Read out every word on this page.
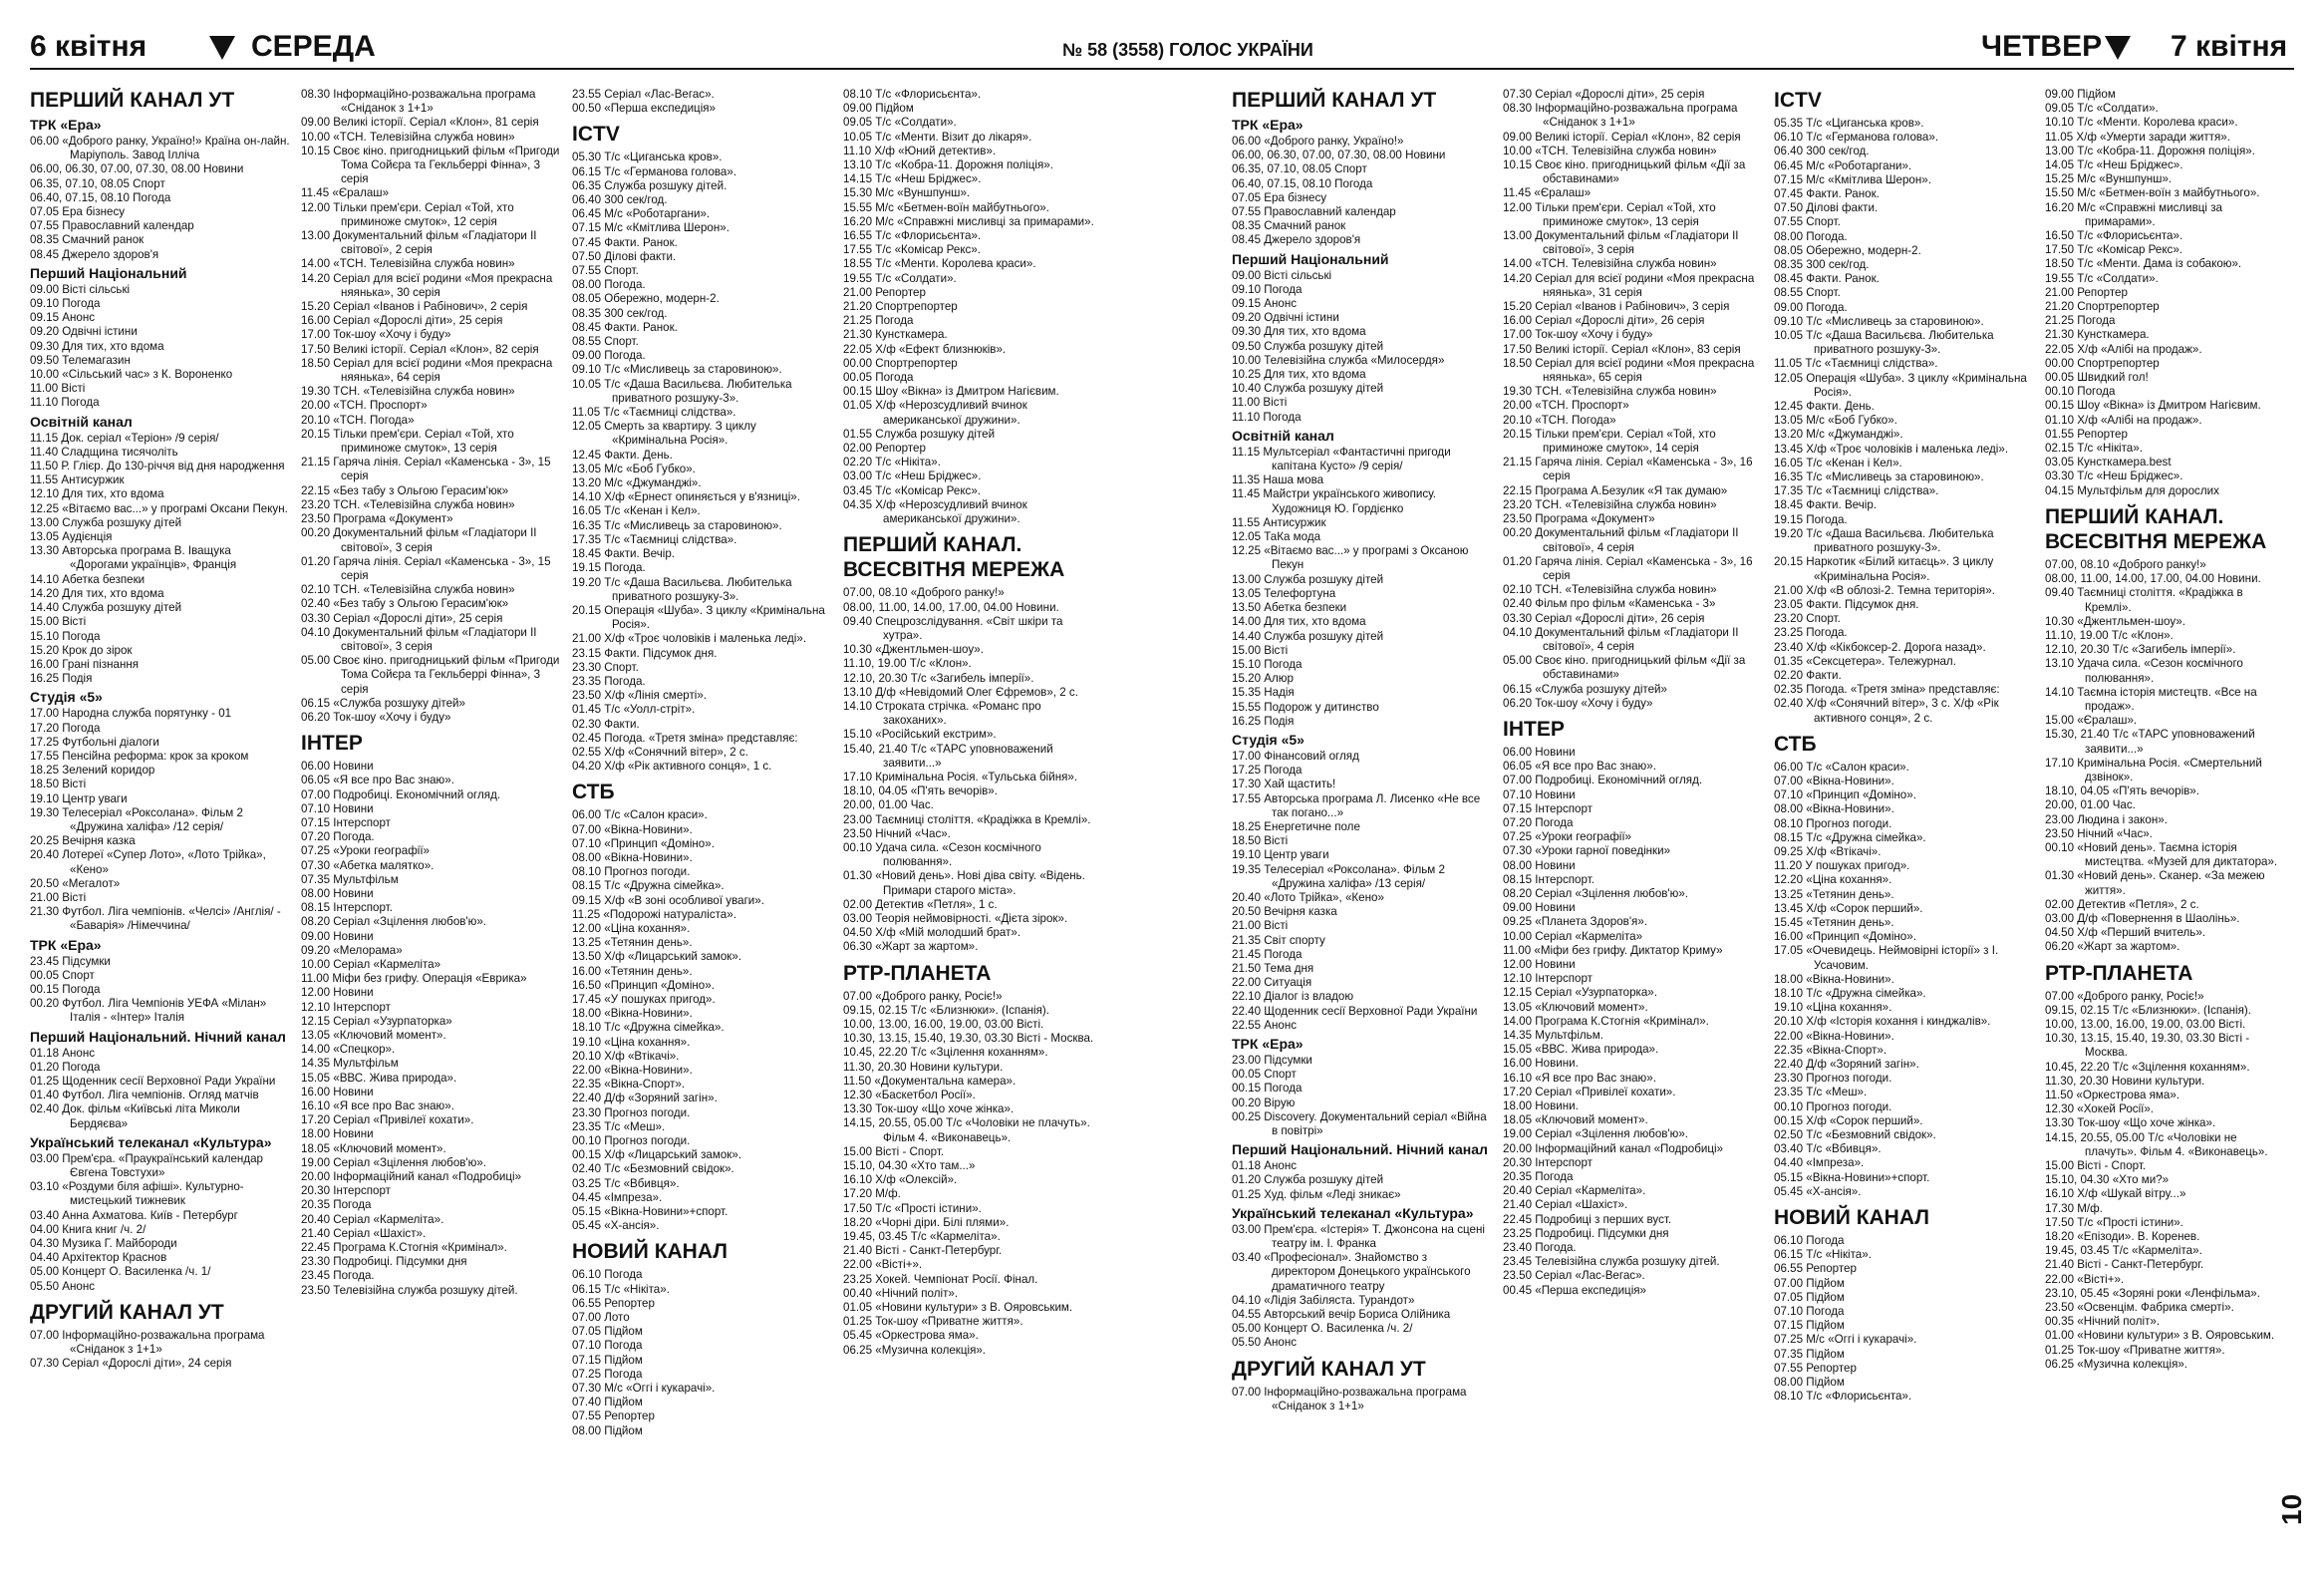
6 квітня	СЕРЕДА	№ 58 (3558) ГОЛОС УКРАЇНИ	ЧЕТВЕР 7 квітня
ПЕРШИЙ КАНАЛ УТ
ТРК «Ера»
06.00 «Доброго ранку, Україно!» Країна он-лайн. Маріуполь. Завод Ілліча
06.00, 06.30, 07.00, 07.30, 08.00 Новини
06.35, 07.10, 08.05 Спорт
06.40, 07.15, 08.10 Погода
07.05 Ера бізнесу
07.55 Православний календар
08.35 Смачний ранок
08.45 Джерело здоров'я
Перший Національний
09.00 Вісті сільські
09.10 Погода
09.15 Анонс
09.20 Одвічні істини
09.30 Для тих, хто вдома
09.50 Телемагазин
10.00 «Сільський час» з К. Вороненко
11.00 Вісті
11.10 Погода
Освітній канал
11.15 Док. серіал «Теріон» /9 серія/
11.40 Сладщина тисячоліть
11.50 Р. Глієр. До 130-річчя від дня народження
11.55 Антисуржик
12.10 Для тих, хто вдома
12.25 «Вітаємо вас...» у програмі Оксани Пекун.
13.00 Служба розшуку дітей
13.05 Аудієнція
13.30 Авторська програма В. Іващука «Дорогами українців», Франція
14.10 Абетка безпеки
14.20 Для тих, хто вдома
14.40 Служба розшуку дітей
15.00 Вісті
15.10 Погода
15.20 Крок до зірок
16.00 Грані пізнання
16.25 Подія
Студія «5»
17.00 Народна служба порятунку - 01
17.20 Погода
17.25 Футбольні діалоги
17.55 Пенсійна реформа: крок за кроком
18.25 Зелений коридор
18.50 Вісті
19.10 Центр уваги
19.30 Телесеріал «Роксолана». Фільм 2 «Дружина халіфа» /12 серія/
20.25 Вечірня казка
20.40 Лотереї «Супер Лото», «Лото Трійка», «Кено»
20.50 «Мегалот»
21.00 Вісті
21.30 Футбол. Ліга чемпіонів. «Челсі» /Англія/ - «Баварія» /Німеччина/
ТРК «Ера»
23.45 Підсумки
00.05 Спорт
00.15 Погода
00.20 Футбол. Ліга Чемпіонів УЕФА «Мілан» Італія - «Інтер» Італія
Перший Національний. Нічний канал
01.18 Анонс
01.20 Погода
01.25 Щоденник сесії Верховної Ради України
01.40 Футбол. Ліга чемпіонів. Огляд матчів
02.40 Док. фільм «Київські літа Миколи Бердяєва»
Український телеканал «Культура»
03.00 Прем'єра. «Праукраїнський календар Євгена Товстухи»
03.10 «Роздуми біля афіші». Культурно-мистецький тижневик
03.40 Анна Ахматова. Київ - Петербург
04.00 Книга книг /ч. 2/
04.30 Музика Г. Майбороди
04.40 Архітектор Краснов
05.00 Концерт О. Василенка /ч. 1/
05.50 Анонс
ДРУГИЙ КАНАЛ УТ
07.00 Інформаційно-розважальна програма «Сніданок з 1+1»
07.30 Серіал «Дорослі діти», 24 серія
08.30 Інформаційно-розважальна програма «Сніданок з 1+1»
09.00 Великі історії. Серіал «Клон», 81 серія
10.00 «ТСН. Телевізійна служба новин»
10.15 Своє кіно. пригодницький фільм «Пригоди Тома Сойєра та Гекльберрі Фінна», 3 серія
11.45 «Єралаш»
12.00 Тільки прем'єри. Серіал «Той, хто приминоже смуток», 12 серія
13.00 Документальний фільм «Гладіатори II світової», 2 серія
14.00 «ТСН. Телевізійна служба новин»
14.20 Серіал для всієї родини «Моя прекрасна няянька», 30 серія
15.20 Серіал «Іванов і Рабінович», 2 серія
16.00 Серіал «Дорослі діти», 25 серія
17.00 Ток-шоу «Хочу і буду»
17.50 Великі історії. Серіал «Клон», 82 серія
18.50 Серіал для всієї родини «Моя прекрасна няянька», 64 серія
19.30 ТСН. «Телевізійна служба новин»
20.00 «ТСН. Проспорт»
20.10 «ТСН. Погода»
20.15 Тільки прем'єри. Серіал «Той, хто приминоже смуток», 13 серія
21.15 Гаряча лінія. Серіал «Каменська - 3», 15 серія
22.15 «Без табу з Ольгою Герасим'юк»
23.20 ТСН. «Телевізійна служба новин»
23.50 Програма «Документ»
00.20 Документальний фільм «Гладіатори II світової», 3 серія
01.20 Гаряча лінія. Серіал «Каменська - 3», 15 серія
02.10 ТСН. «Телевізійна служба новин»
02.40 «Без табу з Ольгою Герасим'юк»
03.30 Серіал «Дорослі діти», 25 серія
04.10 Документальний фільм «Гладіатори II світової», 3 серія
05.00 Своє кіно. пригодницький фільм «Пригоди Тома Сойєра та Гекльберрі Фінна», 3 серія
06.15 «Служба розшуку дітей»
06.20 Ток-шоу «Хочу і буду»
ІНТЕР
06.00 Новини
06.05 «Я все про Вас знаю».
07.00 Подробиці. Економічний огляд.
07.10 Новини
07.15 Інтерспорт
07.20 Погода.
07.25 «Уроки географії»
07.30 «Абетка малятко».
07.35 Мультфільм
08.00 Новини
08.15 Інтерспорт.
08.20 Серіал «Зцілення любов'ю».
09.00 Новини
09.20 «Мелорама»
10.00 Серіал «Кармеліта»
11.00 Міфи без грифу. Операція «Еврика»
12.00 Новини
12.10 Інтерспорт
12.15 Серіал «Узурпаторка»
13.05 «Ключовий момент».
14.00 «Спецкор».
14.35 Мультфільм
15.05 «ВВС. Жива природа».
16.00 Новини
16.10 «Я все про Вас знаю».
17.20 Серіал «Привілеї кохати».
18.00 Новини
18.05 «Ключовий момент».
19.00 Серіал «Зцілення любов'ю».
20.00 Інформаційний канал «Подробиці»
20.30 Інтерспорт
20.35 Погода
20.40 Серіал «Кармеліта».
21.40 Серіал «Шахіст».
22.45 Програма К.Стогнія «Кримінал».
23.30 Подробиці. Підсумки дня
23.45 Погода.
23.50 Телевізійна служба розшуку дітей.
23.55 Серіал «Лас-Вегас».
00.50 «Перша експедиція»
ICTV
05.30 Т/с «Циганська кров».
06.15 Т/с «Германова голова».
06.35 Служба розшуку дітей.
06.40 300 сек/год.
06.45 М/с «Роботаргани».
07.15 М/с «Кмітлива Шерон».
07.45 Факти. Ранок.
07.50 Ділові факти.
07.55 Спорт.
08.00 Погода.
08.05 Обережно, модерн-2.
08.35 300 сек/год.
08.45 Факти. Ранок.
08.55 Спорт.
09.00 Погода.
09.10 Т/с «Мисливець за старовиною».
10.05 Т/с «Даша Васильєва. Любителька приватного розшуку-3».
11.05 Т/с «Таємниці слідства».
12.05 Смерть за квартиру. З циклу «Кримінальна Росія».
12.45 Факти. День.
13.05 М/с «Боб Губко».
13.20 М/с «Джуманджі».
14.10 Х/ф «Ернест опиняється у в'язниці».
16.05 Т/с «Кенан і Кел».
16.35 Т/с «Мисливець за старовиною».
17.35 Т/с «Таємниці слідства».
18.45 Факти. Вечір.
19.15 Погода.
19.20 Т/с «Даша Васильєва. Любителька приватного розшуку-3».
20.15 Операція «Шуба». З циклу «Кримінальна Росія».
21.00 Х/ф «Троє чоловіків і маленька леді».
23.15 Факти. Підсумок дня.
23.30 Спорт.
23.35 Погода.
23.50 Х/ф «Лінія смерті».
01.45 Т/с «Уолл-стріт».
02.30 Факти.
02.45 Погода. «Третя зміна» представляє:
02.55 Х/ф «Сонячний вітер», 2 с.
04.20 Х/ф «Рік активного сонця», 1 с.
СТБ
06.00 Т/с «Салон краси».
07.00 «Вікна-Новини».
07.10 «Принцип «Доміно».
08.00 «Вікна-Новини».
08.10 Прогноз погоди.
08.15 Т/с «Дружна сімейка».
09.15 Х/ф «В зоні особливої уваги».
11.25 «Подорожі натураліста».
12.00 «Ціна кохання».
13.25 «Тетянин день».
13.50 Х/ф «Лицарський замок».
16.00 «Тетянин день».
16.50 «Принцип «Доміно».
17.45 «У пошуках пригод».
18.00 «Вікна-Новини».
18.10 Т/с «Дружна сімейка».
19.10 «Ціна кохання».
20.10 Х/ф «Втікачі».
22.00 «Вікна-Новини».
22.35 «Вікна-Спорт».
22.40 Д/ф «Зоряний загін».
23.30 Прогноз погоди.
23.35 Т/с «Меш».
00.10 Прогноз погоди.
00.15 Х/ф «Лицарський замок».
02.40 Т/с «Безмовний свідок».
03.25 Т/с «Вбивця».
04.45 «Імпреза».
05.15 «Вікна-Новини»+спорт.
05.45 «Х-ансія».
НОВИЙ КАНАЛ
06.10 Погода
06.15 Т/с «Нікіта».
06.55 Репортер
07.00 Лото
07.05 Підйом
07.10 Погода
07.15 Підйом
07.25 Погода
07.30 М/с «Оггі і кукарачі».
07.40 Підйом
07.55 Репортер
08.00 Підйом
08.10 Т/с «Флорисьєнта».
09.00 Підйом
09.05 Т/с «Солдати».
10.05 Т/с «Менти. Візит до лікаря».
11.10 Х/ф «Юний детектив».
13.10 Т/с «Кобра-11. Дорожня поліція».
14.15 Т/с «Неш Бріджес».
15.30 М/с «Вуншпунш».
15.55 М/с «Бетмен-воїн майбутнього».
16.20 М/с «Справжні мисливці за примарами».
16.55 Т/с «Флорисьєнта».
17.55 Т/с «Комісар Рекс».
18.55 Т/с «Менти. Королева краси».
19.55 Т/с «Солдати».
21.00 Репортер
21.20 Спортрепортер
21.25 Погода
21.30 Кунсткамера.
22.05 Х/ф «Ефект близнюків».
00.00 Спортрепортер
00.05 Погода
00.15 Шоу «Вікна» із Дмитром Нагієвим.
01.05 Х/ф «Нерозсудливий вчинок американської дружини».
01.55 Служба розшуку дітей
02.00 Репортер
02.20 Т/с «Нікіта».
03.00 Т/с «Неш Бріджес».
03.45 Т/с «Комісар Рекс».
04.35 Х/ф «Нерозсудливий вчинок американської дружини».
ПЕРШИЙ КАНАЛ. ВСЕСВІТНЯ МЕРЕЖА
07.00, 08.10 «Доброго ранку!»
08.00, 11.00, 14.00, 17.00, 04.00 Новини.
09.40 Спецрозслідування. «Світ шкіри та хутра».
10.30 «Джентльмен-шоу».
11.10, 19.00 Т/с «Клон».
12.10, 20.30 Т/с «Загибель імперії».
13.10 Д/ф «Невідомий Олег Єфремов», 2 с.
14.10 Строката стрічка. «Романс про закоханих».
15.10 «Російський екстрим».
15.40, 21.40 Т/с «ТАРС уповноважений заявити...»
17.10 Кримінальна Росія. «Тульська бійня».
18.10, 04.05 «П'ять вечорів».
20.00, 01.00 Час.
23.00 Таємниці століття. «Крадіжка в Кремлі».
23.50 Нічний «Час».
00.10 Удача сила. «Сезон космічного полювання».
01.30 «Новий день». Нові діва світу. «Відень. Примари старого міста».
02.00 Детектив «Петля», 1 с.
03.00 Теорія неймовірності. «Дієта зірок».
04.50 Х/ф «Мій молодший брат».
06.30 «Жарт за жартом».
РТР-ПЛАНЕТА
07.00 «Доброго ранку, Росіє!»
09.15, 02.15 Т/с «Близнюки». (Іспанія).
10.00, 13.00, 16.00, 19.00, 03.00 Вісті.
10.30, 13.15, 15.40, 19.30, 03.30 Вісті - Москва.
10.45, 22.20 Т/с «Зцілення коханням».
11.30, 20.30 Новини культури.
11.50 «Документальна камера».
12.30 «Баскетбол Росії».
13.30 Ток-шоу «Що хоче жінка».
14.15, 20.55, 05.00 Т/с «Чоловіки не плачуть». Фільм 4. «Виконавець».
15.00 Вісті - Спорт.
15.10, 04.30 «Хто там...»
16.10 Х/ф «Олексій».
17.20 М/ф.
17.50 Т/с «Прості істини».
18.20 «Чорні діри. Білі плями».
19.45, 03.45 Т/с «Кармеліта».
21.40 Вісті - Санкт-Петербург.
22.00 «Вісті+».
23.25 Хокей. Чемпіонат Росії. Фінал.
00.40 «Нічний політ».
01.05 «Новини культури» з В. Ояровським.
01.25 Ток-шоу «Приватне життя».
05.45 «Оркестрова яма».
06.25 «Музична колекція».
ПЕРШИЙ КАНАЛ УТ
ТРК «Ера»
06.00 «Доброго ранку, Україно!»
06.00, 06.30, 07.00, 07.30, 08.00 Новини
06.35, 07.10, 08.05 Спорт
06.40, 07.15, 08.10 Погода
07.05 Ера бізнесу
07.55 Православний календар
08.35 Смачний ранок
08.45 Джерело здоров'я
Перший Національний
09.00 Вісті сільські
09.10 Погода
09.15 Анонс
09.20 Одвічні істини
09.30 Для тих, хто вдома
09.50 Служба розшуку дітей
10.00 Телевізійна служба «Милосердя»
10.25 Для тих, хто вдома
10.40 Служба розшуку дітей
11.00 Вісті
11.10 Погода
Освітній канал
11.15 Мультсеріал «Фантастичні пригоди капітана Кусто» /9 серія/
11.35 Наша мова
11.45 Майстри українського живопису. Художниця Ю. Гордієнко
11.55 Антисуржик
12.05 ТаКа мода
12.25 «Вітаємо вас...» у програмі з Оксаною Пекун
13.00 Служба розшуку дітей
13.05 Телефортуна
13.50 Абетка безпеки
14.00 Для тих, хто вдома
14.40 Служба розшуку дітей
15.00 Вісті
15.10 Погода
15.20 Алюр
15.35 Надія
15.55 Подорож у дитинство
16.25 Подія
Студія «5»
17.00 Фінансовий огляд
17.25 Погода
17.30 Хай щастить!
17.55 Авторська програма Л. Лисенко «Не все так погано...»
18.25 Енергетичне поле
18.50 Вісті
19.10 Центр уваги
19.35 Телесеріал «Роксолана». Фільм 2 «Дружина халіфа» /13 серія/
20.40 «Лото Трійка», «Кено»
20.50 Вечірня казка
21.00 Вісті
21.35 Світ спорту
21.45 Погода
21.50 Тема дня
22.00 Ситуація
22.10 Діалог із владою
22.40 Щоденник сесії Верховної Ради України
22.55 Анонс
ТРК «Ера»
23.00 Підсумки
00.05 Спорт
00.15 Погода
00.20 Вірую
00.25 Discovery. Документальний серіал «Війна в повітрі»
Перший Національний. Нічний канал
01.18 Анонс
01.20 Служба розшуку дітей
01.25 Худ. фільм «Леді зникає»
Український телеканал «Культура»
03.00 Прем'єра. «Істерія» Т. Джонсона на сцені театру ім. І. Франка
03.40 «Професіонал». Знайомство з директором Донецького українського драматичного театру
04.10 «Лідія Забіляста. Турандот»
04.55 Авторський вечір Бориса Олійника
05.00 Концерт О. Василенка /ч. 2/
05.50 Анонс
ДРУГИЙ КАНАЛ УТ
07.00 Інформаційно-розважальна програма «Сніданок з 1+1»
07.30 Серіал «Дорослі діти», 25 серія
08.30 Інформаційно-розважальна програма «Сніданок з 1+1»
09.00 Великі історії. Серіал «Клон», 82 серія
10.00 «ТСН. Телевізійна служба новин»
10.15 Своє кіно. пригодницький фільм «Дії за обставинами»
11.45 «Єралаш»
12.00 Тільки прем'єри. Серіал «Той, хто приминоже смуток», 13 серія
13.00 Документальний фільм «Гладіатори II світової», 3 серія
14.00 «ТСН. Телевізійна служба новин»
14.20 Серіал для всієї родини «Моя прекрасна няянька», 31 серія
15.20 Серіал «Іванов і Рабінович», 3 серія
16.00 Серіал «Дорослі діти», 26 серія
17.00 Ток-шоу «Хочу і буду»
17.50 Великі історії. Серіал «Клон», 83 серія
18.50 Серіал для всієї родини «Моя прекрасна няянька», 65 серія
19.30 ТСН. «Телевізійна служба новин»
20.00 «ТСН. Проспорт»
20.10 «ТСН. Погода»
20.15 Тільки прем'єри. Серіал «Той, хто приминоже смуток», 14 серія
21.15 Гаряча лінія. Серіал «Каменська - 3», 16 серія
22.15 Програма А.Безулик «Я так думаю»
23.20 ТСН. «Телевізійна служба новин»
23.50 Програма «Документ»
00.20 Документальний фільм «Гладіатори II світової», 4 серія
01.20 Гаряча лінія. Серіал «Каменська - 3», 16 серія
02.10 ТСН. «Телевізійна служба новин»
02.40 Фільм про фільм «Каменська - 3»
03.30 Серіал «Дорослі діти», 26 серія
04.10 Документальний фільм «Гладіатори II світової», 4 серія
05.00 Своє кіно. пригодницький фільм «Дії за обставинами»
06.15 «Служба розшуку дітей»
06.20 Ток-шоу «Хочу і буду»
ІНТЕР
06.00 Новини
06.05 «Я все про Вас знаю».
07.00 Подробиці. Економічний огляд.
07.10 Новини
07.15 Інтерспорт
07.20 Погода
07.25 «Уроки географії»
07.30 «Уроки гарної поведінки»
08.00 Новини
08.15 Інтерспорт.
08.20 Серіал «Зцілення любов'ю».
09.00 Новини
09.25 «Планета Здоров'я».
10.00 Серіал «Кармеліта»
11.00 «Міфи без грифу. Диктатор Криму»
12.00 Новини
12.10 Інтерспорт
12.15 Серіал «Узурпаторка».
13.05 «Ключовий момент».
14.00 Програма К.Стогнія «Кримінал».
14.35 Мультфільм.
15.05 «ВВС. Жива природа».
16.00 Новини.
16.10 «Я все про Вас знаю».
17.20 Серіал «Привілеї кохати».
18.00 Новини.
18.05 «Ключовий момент».
19.00 Серіал «Зцілення любов'ю».
20.00 Інформаційний канал «Подробиці»
20.30 Інтерспорт
20.35 Погода
20.40 Серіал «Кармеліта».
21.40 Серіал «Шахіст».
22.45 Подробиці з перших вуст.
23.25 Подробиці. Підсумки дня
23.40 Погода.
23.45 Телевізійна служба розшуку дітей.
23.50 Серіал «Лас-Вегас».
00.45 «Перша експедиція»
ICTV
05.35 Т/с «Циганська кров».
06.10 Т/с «Германова голова».
06.40 300 сек/год.
06.45 М/с «Роботаргани».
07.15 М/с «Кмітлива Шерон».
07.45 Факти. Ранок.
07.50 Ділові факти.
07.55 Спорт.
08.00 Погода.
08.05 Обережно, модерн-2.
08.35 300 сек/год.
08.45 Факти. Ранок.
08.55 Спорт.
09.00 Погода.
09.10 Т/с «Мисливець за старовиною».
10.05 Т/с «Даша Васильєва. Любителька приватного розшуку-3».
11.05 Т/с «Таємниці слідства».
12.05 Операція «Шуба». З циклу «Кримінальна Росія».
12.45 Факти. День.
13.05 М/с «Боб Губко».
13.20 М/с «Джуманджі».
13.45 Х/ф «Троє чоловіків і маленька леді».
16.05 Т/с «Кенан і Кел».
16.35 Т/с «Мисливець за старовиною».
17.35 Т/с «Таємниці слідства».
18.45 Факти. Вечір.
19.15 Погода.
19.20 Т/с «Даша Васильєва. Любителька приватного розшуку-3».
20.15 Наркотик «Білий китаєць». З циклу «Кримінальна Росія».
21.00 Х/ф «В облозі-2. Темна територія».
23.05 Факти. Підсумок дня.
23.20 Спорт.
23.25 Погода.
23.40 Х/ф «Кікбоксер-2. Дорога назад».
01.35 «Сексцетера». Тележурнал.
02.20 Факти.
02.35 Погода. «Третя зміна» представляє:
02.40 Х/ф «Сонячний вітер», 3 с. Х/ф «Рік активного сонця», 2 с.
СТБ
06.00 Т/с «Салон краси».
07.00 «Вікна-Новини».
07.10 «Принцип «Доміно».
08.00 «Вікна-Новини».
08.10 Прогноз погоди.
08.15 Т/с «Дружна сімейка».
09.25 Х/ф «Втікачі».
11.20 У пошуках пригод».
12.20 «Ціна кохання».
13.25 «Тетянин день».
13.45 Х/ф «Сорок перший».
15.45 «Тетянин день».
16.00 «Принцип «Доміно».
17.05 «Очевидець. Неймовірні історії» з І. Усачовим.
18.00 «Вікна-Новини».
18.10 Т/с «Дружна сімейка».
19.10 «Ціна кохання».
20.10 Х/ф «Історія кохання і кинджалів».
22.00 «Вікна-Новини».
22.35 «Вікна-Спорт».
22.40 Д/ф «Зоряний загін».
23.30 Прогноз погоди.
23.35 Т/с «Меш».
00.10 Прогноз погоди.
00.15 Х/ф «Сорок перший».
02.50 Т/с «Безмовний свідок».
03.40 Т/с «Вбивця».
04.40 «Імпреза».
05.15 «Вікна-Новини»+спорт.
05.45 «Х-ансія».
НОВИЙ КАНАЛ
06.10 Погода
06.15 Т/с «Нікіта».
06.55 Репортер
07.00 Підйом
07.05 Підйом
07.10 Погода
07.15 Підйом
07.25 М/с «Оггі і кукарачі».
07.35 Підйом
07.55 Репортер
08.00 Підйом
08.10 Т/с «Флорисьєнта».
09.00 Підйом
09.05 Т/с «Солдати».
10.10 Т/с «Менти. Королева краси».
11.05 Х/ф «Умерти заради життя».
13.00 Т/с «Кобра-11. Дорожня поліція».
14.05 Т/с «Неш Бріджес».
15.25 М/с «Вуншпунш».
15.50 М/с «Бетмен-воїн з майбутнього».
16.20 М/с «Справжні мисливці за примарами».
16.50 Т/с «Флорисьєнта».
17.50 Т/с «Комісар Рекс».
18.50 Т/с «Менти. Дама із собакою».
19.55 Т/с «Солдати».
21.00 Репортер
21.20 Спортрепортер
21.25 Погода
21.30 Кунсткамера.
22.05 Х/ф «Алібі на продаж».
00.00 Спортрепортер
00.05 Швидкий гол!
00.10 Погода
00.15 Шоу «Вікна» із Дмитром Нагієвим.
01.10 Х/ф «Алібі на продаж».
01.55 Репортер
02.15 Т/с «Нікіта».
03.05 Кунсткамера.best
03.30 Т/с «Неш Бріджес».
04.15 Мультфільм для дорослих
ПЕРШИЙ КАНАЛ. ВСЕСВІТНЯ МЕРЕЖА
07.00, 08.10 «Доброго ранку!»
08.00, 11.00, 14.00, 17.00, 04.00 Новини.
09.40 Таємниці століття. «Крадіжка в Кремлі».
10.30 «Джентльмен-шоу».
11.10, 19.00 Т/с «Клон».
12.10, 20.30 Т/с «Загибель імперії».
13.10 Удача сила. «Сезон космічного полювання».
14.10 Таємна історія мистецтв. «Все на продаж».
15.00 «Єралаш».
15.30, 21.40 Т/с «ТАРС уповноважений заявити...»
17.10 Кримінальна Росія. «Смертельний дзвінок».
18.10, 04.05 «П'ять вечорів».
20.00, 01.00 Час.
23.00 Людина і закон».
23.50 Нічний «Час».
00.10 «Новий день». Таємна історія мистецтва. «Музей для диктатора».
01.30 «Новий день». Сканер. «За межею життя».
02.00 Детектив «Петля», 2 с.
03.00 Д/ф «Повернення в Шаолінь».
04.50 Х/ф «Перший вчитель».
06.20 «Жарт за жартом».
РТР-ПЛАНЕТА
07.00 «Доброго ранку, Росіє!»
09.15, 02.15 Т/с «Близнюки». (Іспанія).
10.00, 13.00, 16.00, 19.00, 03.00 Вісті.
10.30, 13.15, 15.40, 19.30, 03.30 Вісті - Москва.
10.45, 22.20 Т/с «Зцілення коханням».
11.30, 20.30 Новини культури.
11.50 «Оркестрова яма».
12.30 «Хокей Росії».
13.30 Ток-шоу «Що хоче жінка».
14.15, 20.55, 05.00 Т/с «Чоловіки не плачуть». Фільм 4. «Виконавець».
15.00 Вісті - Спорт.
15.10, 04.30 «Хто ми?»
16.10 Х/ф «Шукай вітру...»
17.30 М/ф.
17.50 Т/с «Прості істини».
18.20 «Епізоди». В. Коренев.
19.45, 03.45 Т/с «Кармеліта».
21.40 Вісті - Санкт-Петербург.
22.00 «Вісті+».
23.10, 05.45 «Зоряні роки «Ленфільма».
23.50 «Освенцім. Фабрика смерті».
00.35 «Нічний політ».
01.00 «Новини культури» з В. Ояровським.
01.25 Ток-шоу «Приватне життя».
06.25 «Музична колекція».
10
